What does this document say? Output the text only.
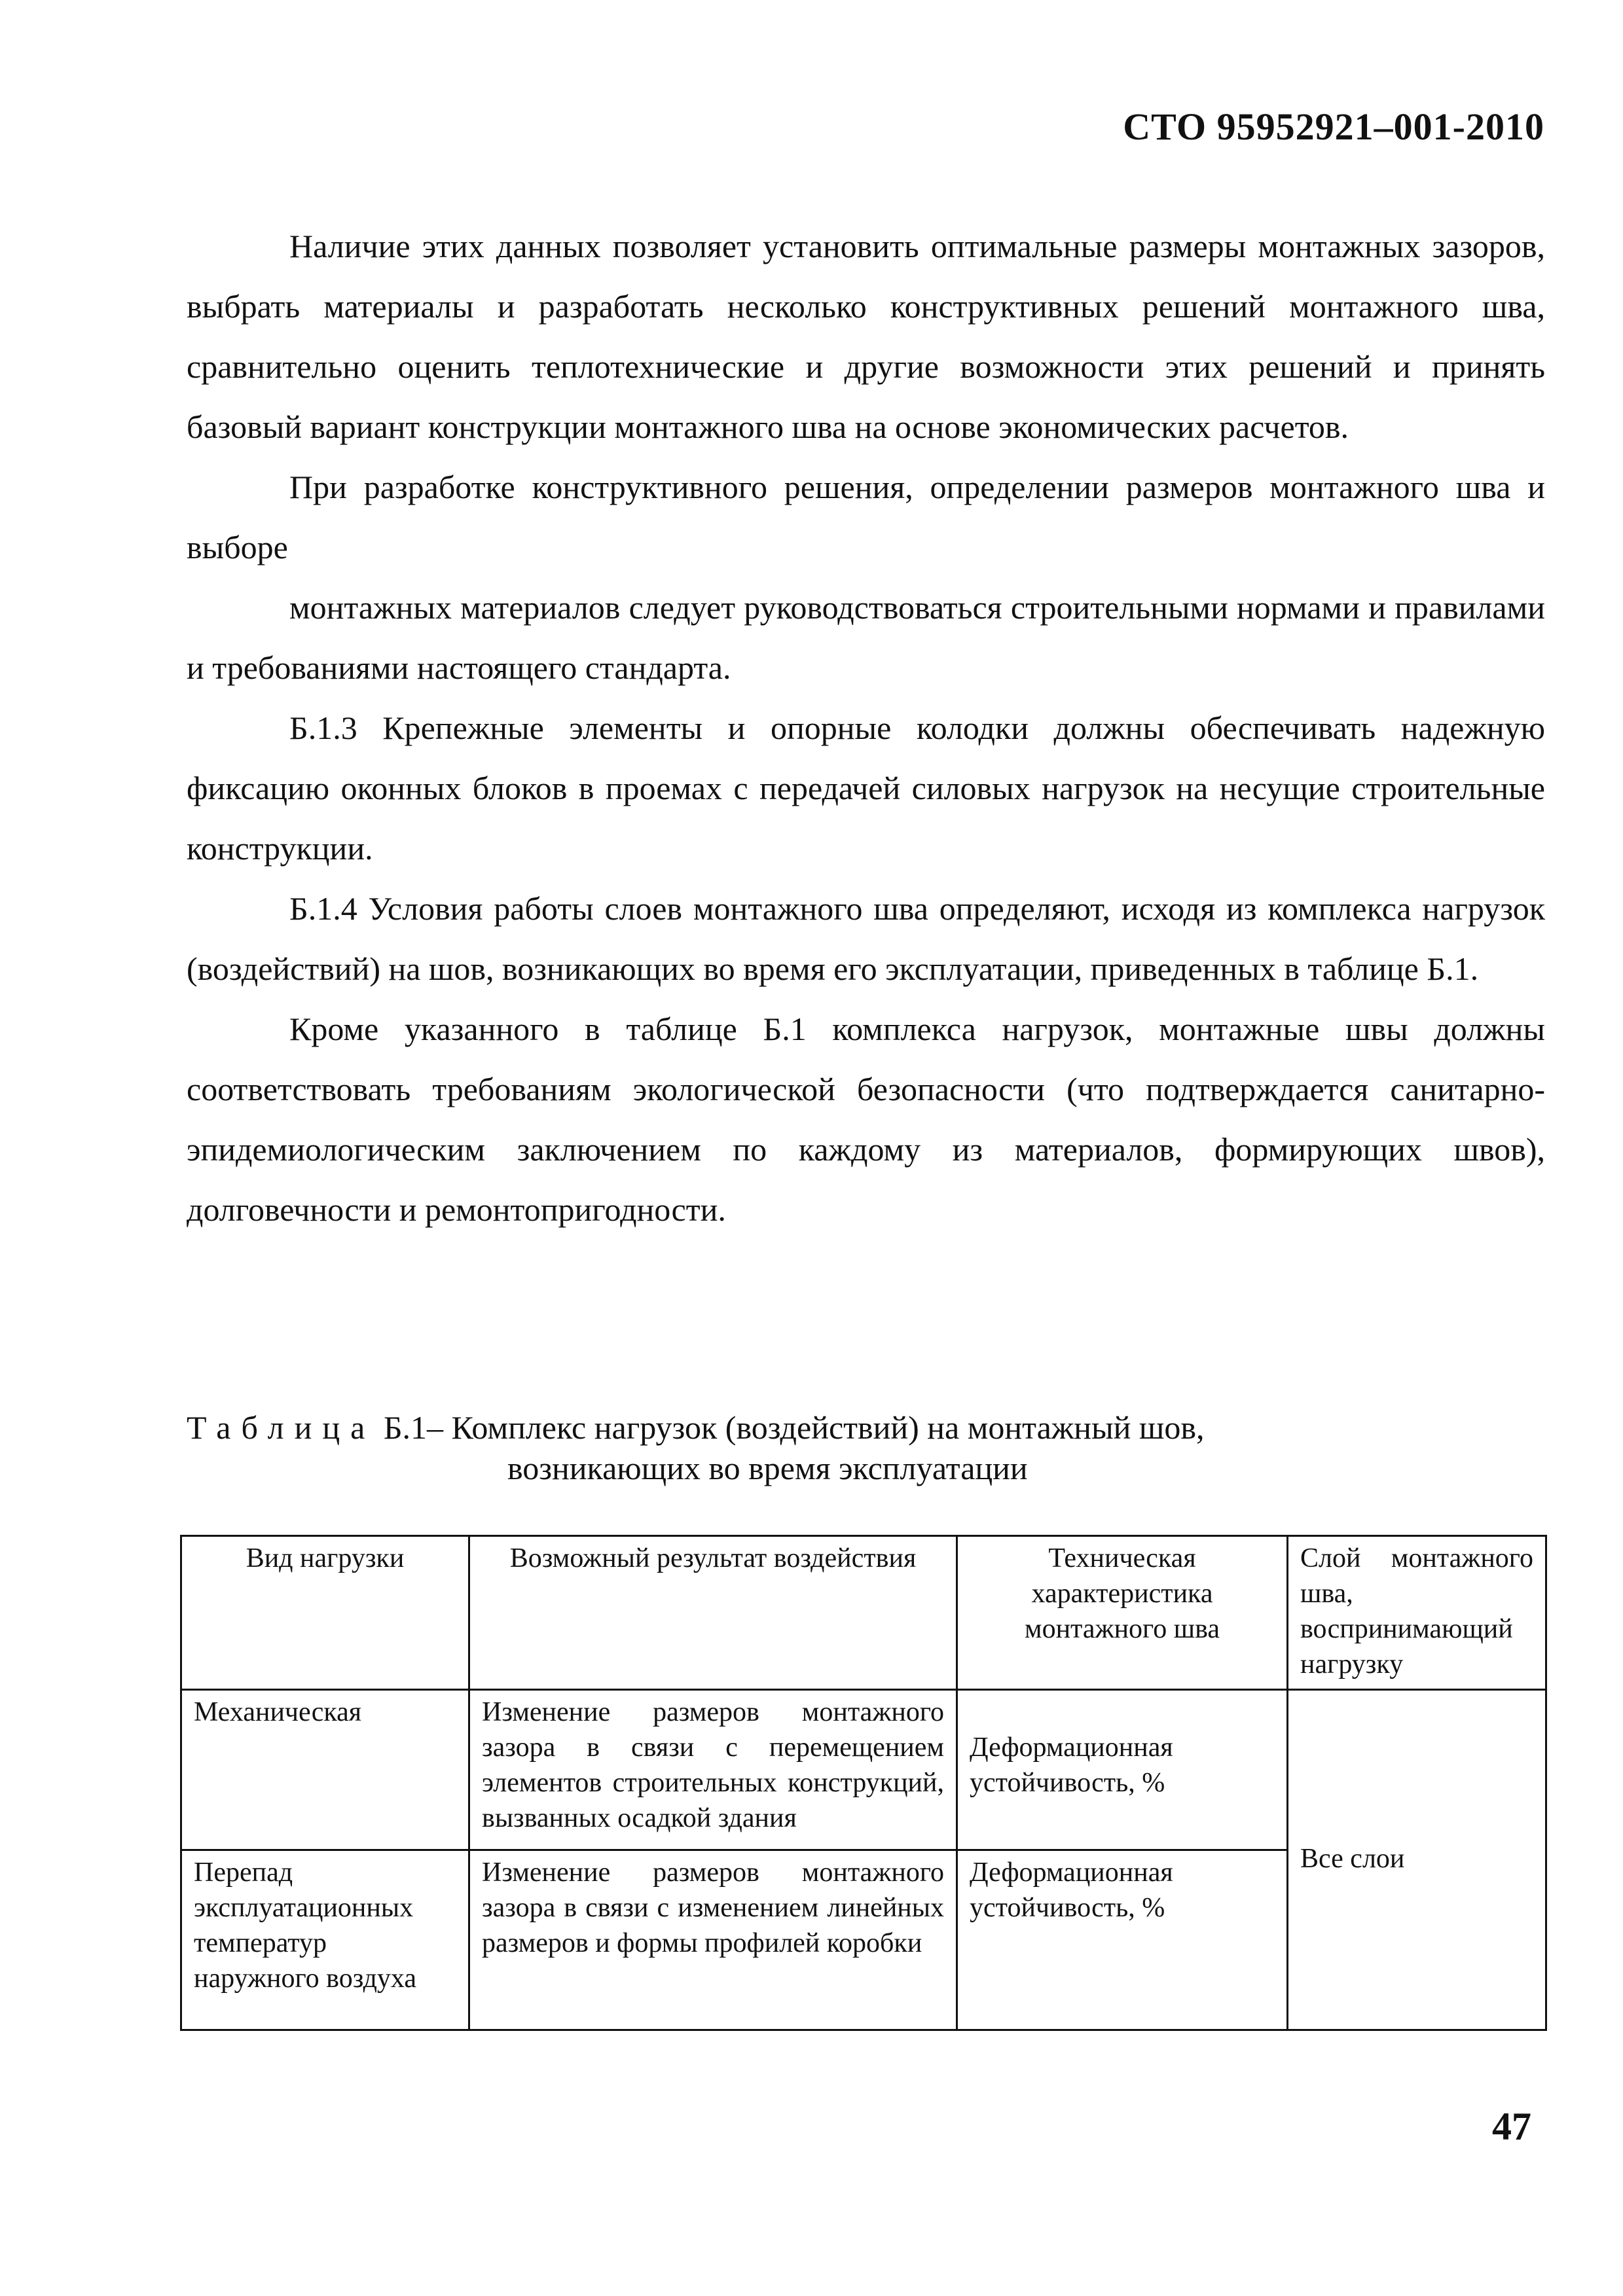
СТО 95952921–001-2010

Наличие этих данных позволяет установить оптимальные размеры монтажных зазоров, выбрать материалы и разработать несколько конструктивных решений монтажного шва, сравнительно оценить теплотехнические и другие возможности этих решений и принять базовый вариант конструкции монтажного шва на основе экономических расчетов.

При разработке конструктивного решения, определении размеров монтажного шва и выборе

монтажных материалов следует руководствоваться строительными нормами и правилами и требованиями настоящего стандарта.

Б.1.3 Крепежные элементы и опорные колодки должны обеспечивать надежную фиксацию оконных блоков в проемах с передачей силовых нагрузок на несущие строительные конструкции.

Б.1.4 Условия работы слоев монтажного шва определяют, исходя из комплекса нагрузок (воздействий) на шов, возникающих во время его эксплуатации, приведенных в таблице Б.1.

Кроме указанного в таблице Б.1 комплекса нагрузок, монтажные швы должны соответствовать требованиям экологической безопасности (что подтверждается санитарно-эпидемиологическим заключением по каждому из материалов, формирующих швов), долговечности и ремонтопригодности.

Таблица Б.1– Комплекс нагрузок (воздействий) на монтажный шов,
возникающих во время эксплуатации
Вид нагрузки	Возможный результат воздействия	Техническая характеристика монтажного шва	Слой монтажного шва, воспринимающий нагрузку
Механическая	Изменение размеров монтажного зазора в связи с перемещением элементов строительных конструкций, вызванных осадкой здания	Деформационная устойчивость, %	Все слои
Перепад эксплуатационных температур наружного воздуха	Изменение размеров монтажного зазора в связи с изменением линейных размеров и формы профилей коробки	Деформационная устойчивость, %	
47
